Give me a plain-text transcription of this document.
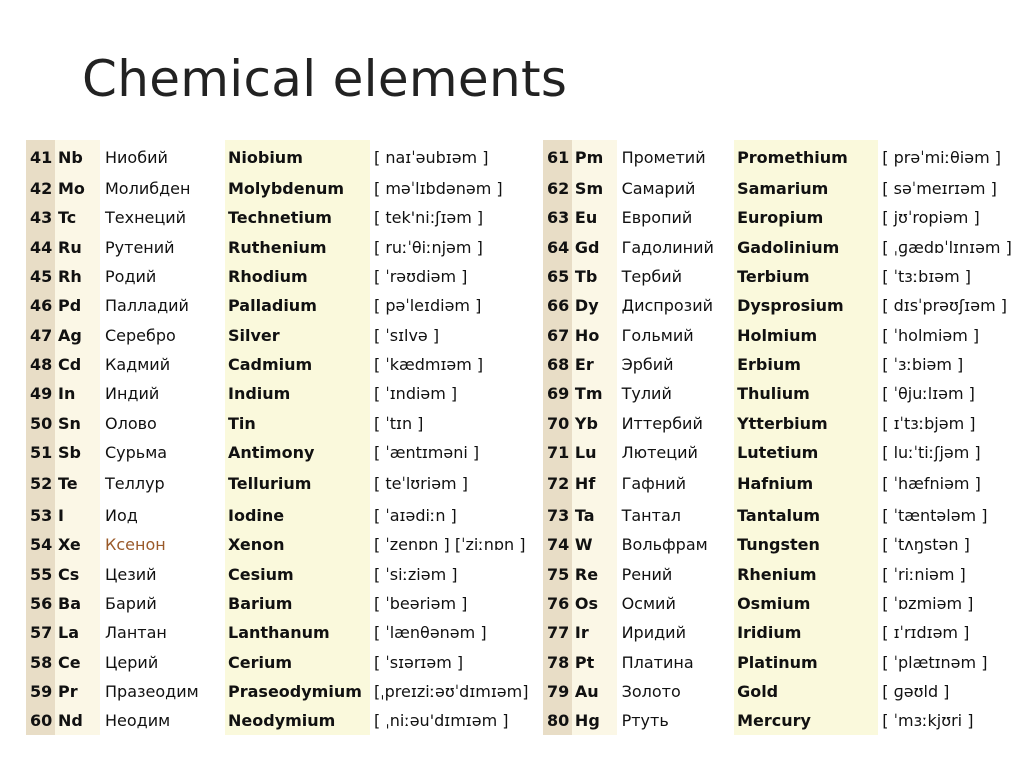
Chemical elements
41	Nb	Ниобий	Niobium	[ naɪˈəubɪəm ]
42	Mo	Молибден	Molybdenum	[ məˈlɪbdənəm ]
43	Tc	Технеций	Technetium	[ tek'ni:ʃɪəm ]
44	Ru	Рутений	Ruthenium	[ ruːˈθiːnjəm ]
45	Rh	Родий	Rhodium	[ ˈrəʊdiəm ]
46	Pd	Палладий	Palladium	[ pəˈleɪdiəm ]
47	Ag	Серебро	Silver	[ ˈsɪlvə ]
48	Cd	Кадмий	Cadmium	[ ˈkædmɪəm ]
49	In	Индий	Indium	[ ˈɪndiəm ]
50	Sn	Олово	Tin	[ ˈtɪn ]
51	Sb	Сурьма	Antimony	[ ˈæntɪməni ]
52	Te	Теллур	Tellurium	[ teˈlʊriəm ]
53	I	Иод	Iodine	[ ˈaɪədiːn ]
54	Xe	Ксенон	Xenon	[ ˈzenɒn ] [ˈziːnɒn ]
55	Cs	Цезий	Cesium	[ ˈsiːziəm ]
56	Ba	Барий	Barium	[ ˈbeəriəm ]
57	La	Лантан	Lanthanum	[ ˈlænθənəm ]
58	Ce	Церий	Cerium	[ ˈsɪərɪəm ]
59	Pr	Празеодим	Praseodymium	[ˌpreɪziːəʊˈdɪmɪəm]
60	Nd	Неодим	Neodymium	[ ˌniːəu'dɪmɪəm ]
61	Pm	Прометий	Promethium	[ prəˈmiːθiəm ]
62	Sm	Самарий	Samarium	[ səˈmeɪrɪəm ]
63	Eu	Европий	Europium	[ jʊˈropiəm ]
64	Gd	Гадолиний	Gadolinium	[ ˌɡædɒˈlɪnɪəm ]
65	Tb	Тербий	Terbium	[ ˈtɜːbɪəm ]
66	Dy	Диспрозий	Dysprosium	[ dɪsˈprəʊʃɪəm ]
67	Ho	Гольмий	Holmium	[ ˈholmiəm ]
68	Er	Эрбий	Erbium	[ ˈɜːbiəm ]
69	Tm	Тулий	Thulium	[ ˈθjuːlɪəm ]
70	Yb	Иттербий	Ytterbium	[ ɪˈtɜːbjəm ]
71	Lu	Лютеций	Lutetium	[ luːˈtiːʃjəm ]
72	Hf	Гафний	Hafnium	[ ˈhæfniəm ]
73	Ta	Тантал	Tantalum	[ ˈtæntələm ]
74	W	Вольфрам	Tungsten	[ ˈtʌŋstən ]
75	Re	Рений	Rhenium	[ ˈriːniəm ]
76	Os	Осмий	Osmium	[ ˈɒzmiəm ]
77	Ir	Иридий	Iridium	[ ɪˈrɪdɪəm ]
78	Pt	Платина	Platinum	[ ˈplætɪnəm ]
79	Au	Золото	Gold	[ ɡəʊld ]
80	Hg	Ртуть	Mercury	[ ˈmɜːkjʊri ]
